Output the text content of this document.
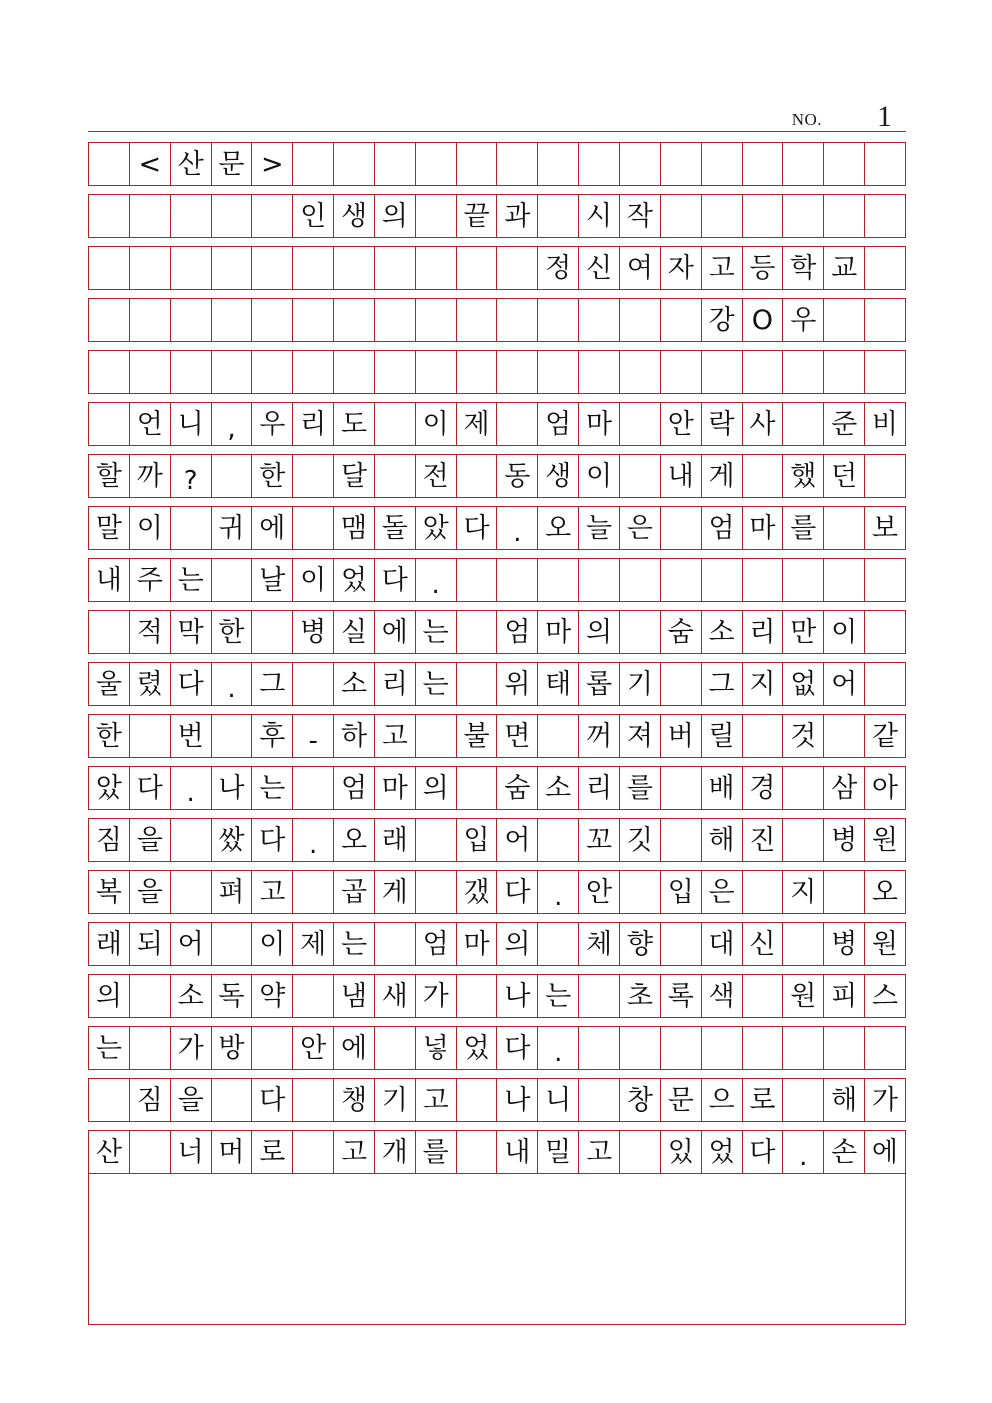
NO. 1
< 산 문 >
인 생 의 끝 과 시 작
정 신 여 자 고 등 학 교
강 O 우
언 니 , 우 리 도 이 제 엄 마 안 락 사 준 비
할 까 ?	한 달 전 동 생 이 내 게 했 던
말 이 귀 에 맴 돌 았 다 . 오 늘 은 엄 마 를 보
내 주 는 날 이 었 다 .
적 막 한 병 실 에 는 엄 마 의 숨 소 리 만 이
울 렸 다 . 그 소 리 는 위 태 롭 기 그 지 없 어
한 번 후 - 하 고 불 면 꺼 져 버 릴 것 같
았 다 . 나 는 엄 마 의 숨 소 리 를 배 경 삼 아
짐 을 쌌 다 . 오 래 입 어 꼬 깃 해 진 병 원
복 을 펴 고 곱 게 갰 다 . 안 입 은 지 오
래 되 어 이 제 는 엄 마 의 체 향 대 신 병 원
의 소 독 약 냄 새 가 나 는 초 록 색 원 피 스
는 가 방 안 에 넣 었 다 .
짐 을 다 챙 기 고 나 니 창 문 으 로 해 가
산 너 머 로 고 개 를 내 밀 고 있 었 다 . 손 에
